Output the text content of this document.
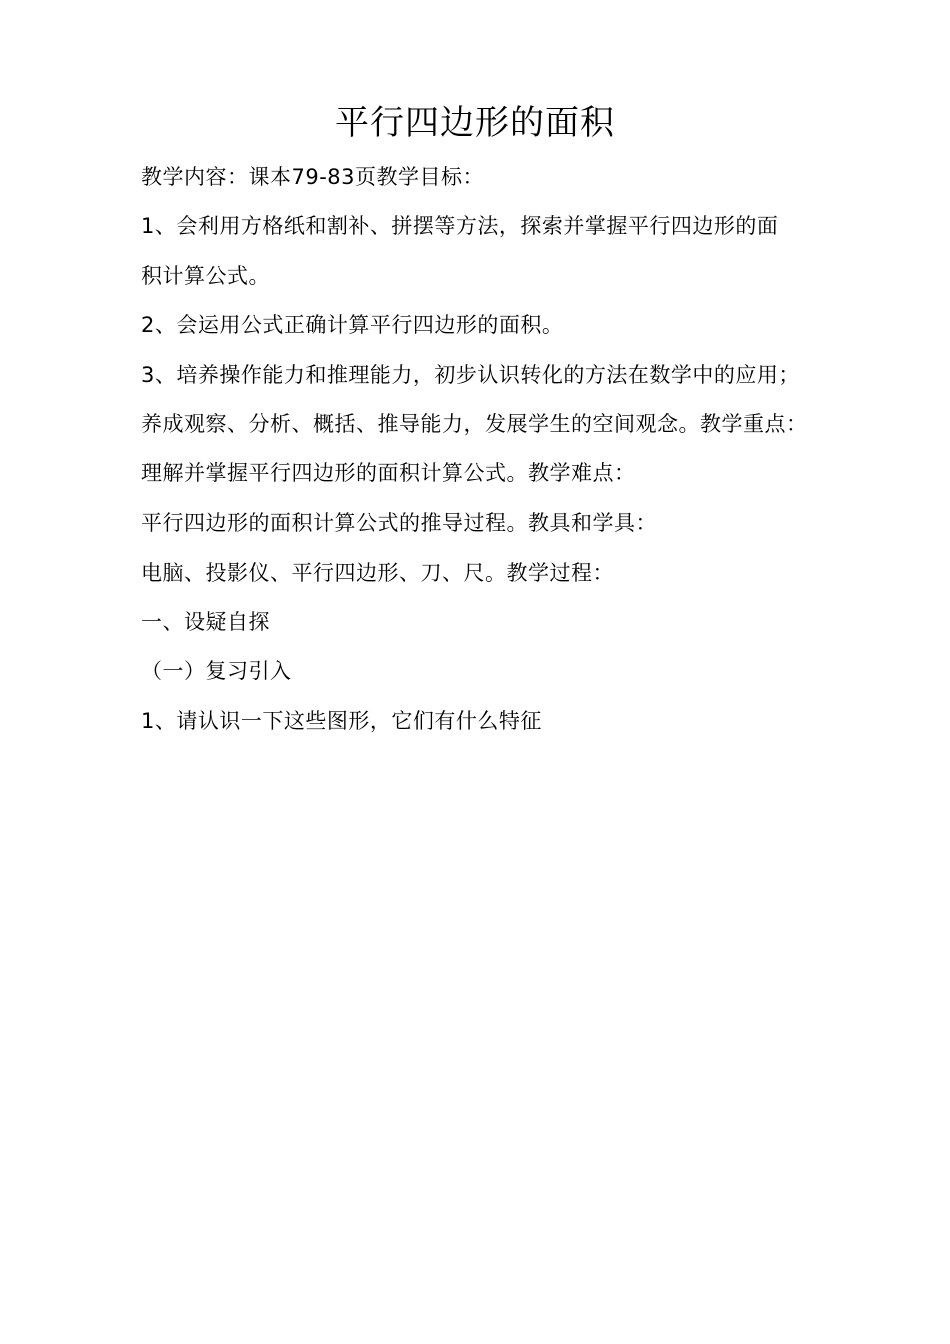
平行四边形的面积
教学内容：课本79-83页教学目标：
1、会利用方格纸和割补、拼摆等方法，探索并掌握平行四边形的面
积计算公式。
2、会运用公式正确计算平行四边形的面积。
3、培养操作能力和推理能力，初步认识转化的方法在数学中的应用；
养成观察、分析、概括、推导能力，发展学生的空间观念。教学重点：
理解并掌握平行四边形的面积计算公式。教学难点：
平行四边形的面积计算公式的推导过程。教具和学具：
电脑、投影仪、平行四边形、刀、尺。教学过程：
一、设疑自探
（一）复习引入
1、请认识一下这些图形，它们有什么特征
